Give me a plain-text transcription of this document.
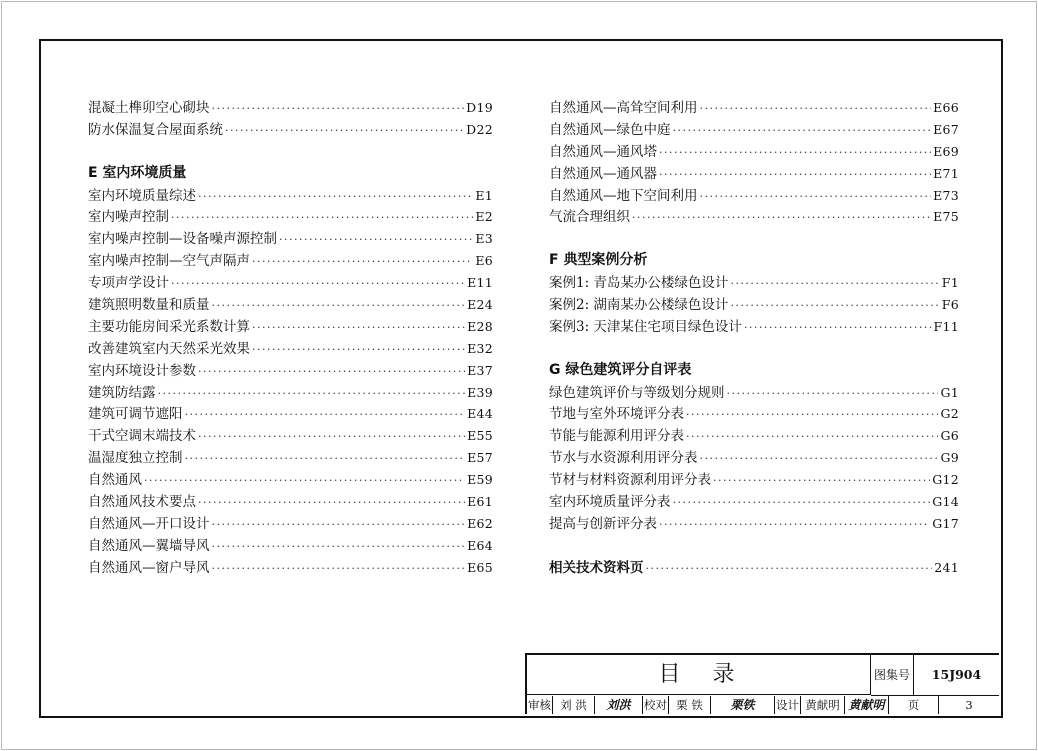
混凝土榫卯空心砌块 ·····	D19
防水保温复合屋面系统 ·····	D22
E 室内环境质量
室内环境质量综述 ·····	E1
室内噪声控制 ·····	E2
室内噪声控制—设备噪声源控制 ·····	E3
室内噪声控制—空气声隔声 ·····	E6
专项声学设计 ·····	E11
建筑照明数量和质量 ·····	E24
主要功能房间采光系数计算 ·····	E28
改善建筑室内天然采光效果 ·····	E32
室内环境设计参数 ·····	E37
建筑防结露 ·····	E39
建筑可调节遮阳 ·····	E44
干式空调末端技术 ·····	E55
温湿度独立控制 ·····	E57
自然通风 ·····	E59
自然通风技术要点 ·····	E61
自然通风—开口设计 ·····	E62
自然通风—翼墙导风 ·····	E64
自然通风—窗户导风 ·····	E65
自然通风—高耸空间利用 ·····	E66
自然通风—绿色中庭 ·····	E67
自然通风—通风塔 ·····	E69
自然通风—通风器 ·····	E71
自然通风—地下空间利用 ·····	E73
气流合理组织 ·····	E75
F 典型案例分析
案例1: 青岛某办公楼绿色设计 ·····	F1
案例2: 湖南某办公楼绿色设计 ·····	F6
案例3: 天津某住宅项目绿色设计 ·····	F11
G 绿色建筑评分自评表
绿色建筑评价与等级划分规则 ·····	G1
节地与室外环境评分表 ·····	G2
节能与能源利用评分表 ·····	G6
节水与水资源利用评分表 ·····	G9
节材与材料资源利用评分表 ·····	G12
室内环境质量评分表 ·····	G14
提高与创新评分表 ·····	G17
相关技术资料页 ·····	241
目录	图集号	15J904
审核 刘 洪	刘洪	校对 栗 铁	栗铁	设计 黄献明 黄献明	页	3
